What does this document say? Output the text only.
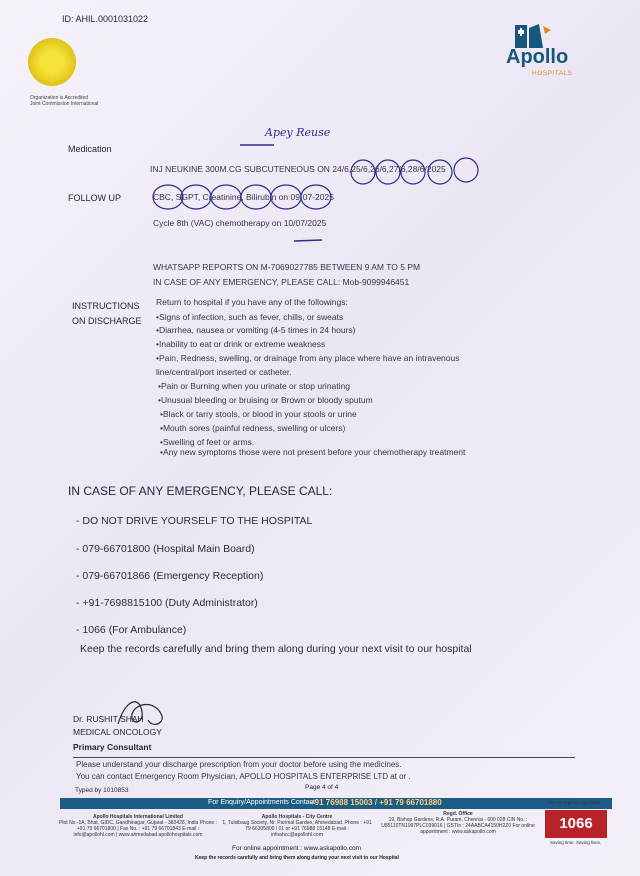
ID: AHIL.0001031022
Organization is Accredited
Joint Commission International
Apollo
HOSPITALS
Medication
Apey Reuse
INJ NEUKINE 300M.CG SUBCUTENEOUS ON 24/6,25/6,26/6,27/6,28/6/2025
FOLLOW UP	CBC, SGPT, Creatinine, Bilirubin on 09-07-2025
Cycle 8th (VAC) chemotherapy on 10/07/2025
WHATSAPP REPORTS ON M-7069027785 BETWEEN 9 AM TO 5 PM
IN CASE OF ANY EMERGENCY, PLEASE CALL: Mob-9099946451
INSTRUCTIONS
ON DISCHARGE
Return to hospital if you have any of the followings:
•Signs of infection, such as fever, chills, or sweats
•Diarrhea, nausea or vomiting (4-5 times in 24 hours)
•Inability to eat or drink or extreme weakness
•Pain, Redness, swelling, or drainage from any place where have an intravenous
line/central/port inserted or catheter.
•Pain or Burning when you urinate or stop urinating
•Unusual bleeding or bruising or Brown or bloody sputum
•Black or tarry stools, or blood in your stools or urine
•Mouth sores (painful redness, swelling or ulcers)
•Swelling of feet or arms.
•Any new symptoms those were not present before your chemotherapy treatment
IN CASE OF ANY EMERGENCY, PLEASE CALL:
- DO NOT DRIVE YOURSELF TO THE HOSPITAL
- 079-66701800 (Hospital Main Board)
- 079-66701866 (Emergency Reception)
- +91-7698815100 (Duty Administrator)
- 1066 (For Ambulance)
Keep the records carefully and bring them along during your next visit to our hospital
Dr. RUSHIT SHAH
MEDICAL ONCOLOGY
Primary Consultant
Please understand your discharge prescription from your doctor before using the medicines.
You can contact Emergency Room Physician, APOLLO HOSPITALS ENTERPRISE LTD at or .
Typed by 1010853	Page 4 of 4
For Enquiry/Appointments Contact :
+91 76988 15003 / +91 79 66701880	The Emergency Specialist
1066
Saving time. Saving lives.
Apollo Hospitals International Limited
Plot No.-1A, Bhat, GIDC, Gandhinagar, Gujarat - 382428, India Phone : +91 79 66701800 | Fax No. : +91 79 66701843 E-mail : info@apollohl.com | www.ahmedabad.apollohospitals.com
Apollo Hospitals - City Centre
1, Tulsibaug Society, Nr. Parimal Garden, Ahmedabad. Phone : +91 79 66305800 / 01 or +91 76988 15148 E-mail : infoahcc@apollohl.com
Regd. Office
19, Bishop Gardens, R.A. Puram, Chennai - 600 028 CIN No. : U85110TN1997PLC039016 | GSTIn : 24AABCA4150H2Z0 For online appointment : www.askapollo.com
For online appointment : www.askapollo.com
Keep the records carefully and bring them along during your next visit to our Hospital
